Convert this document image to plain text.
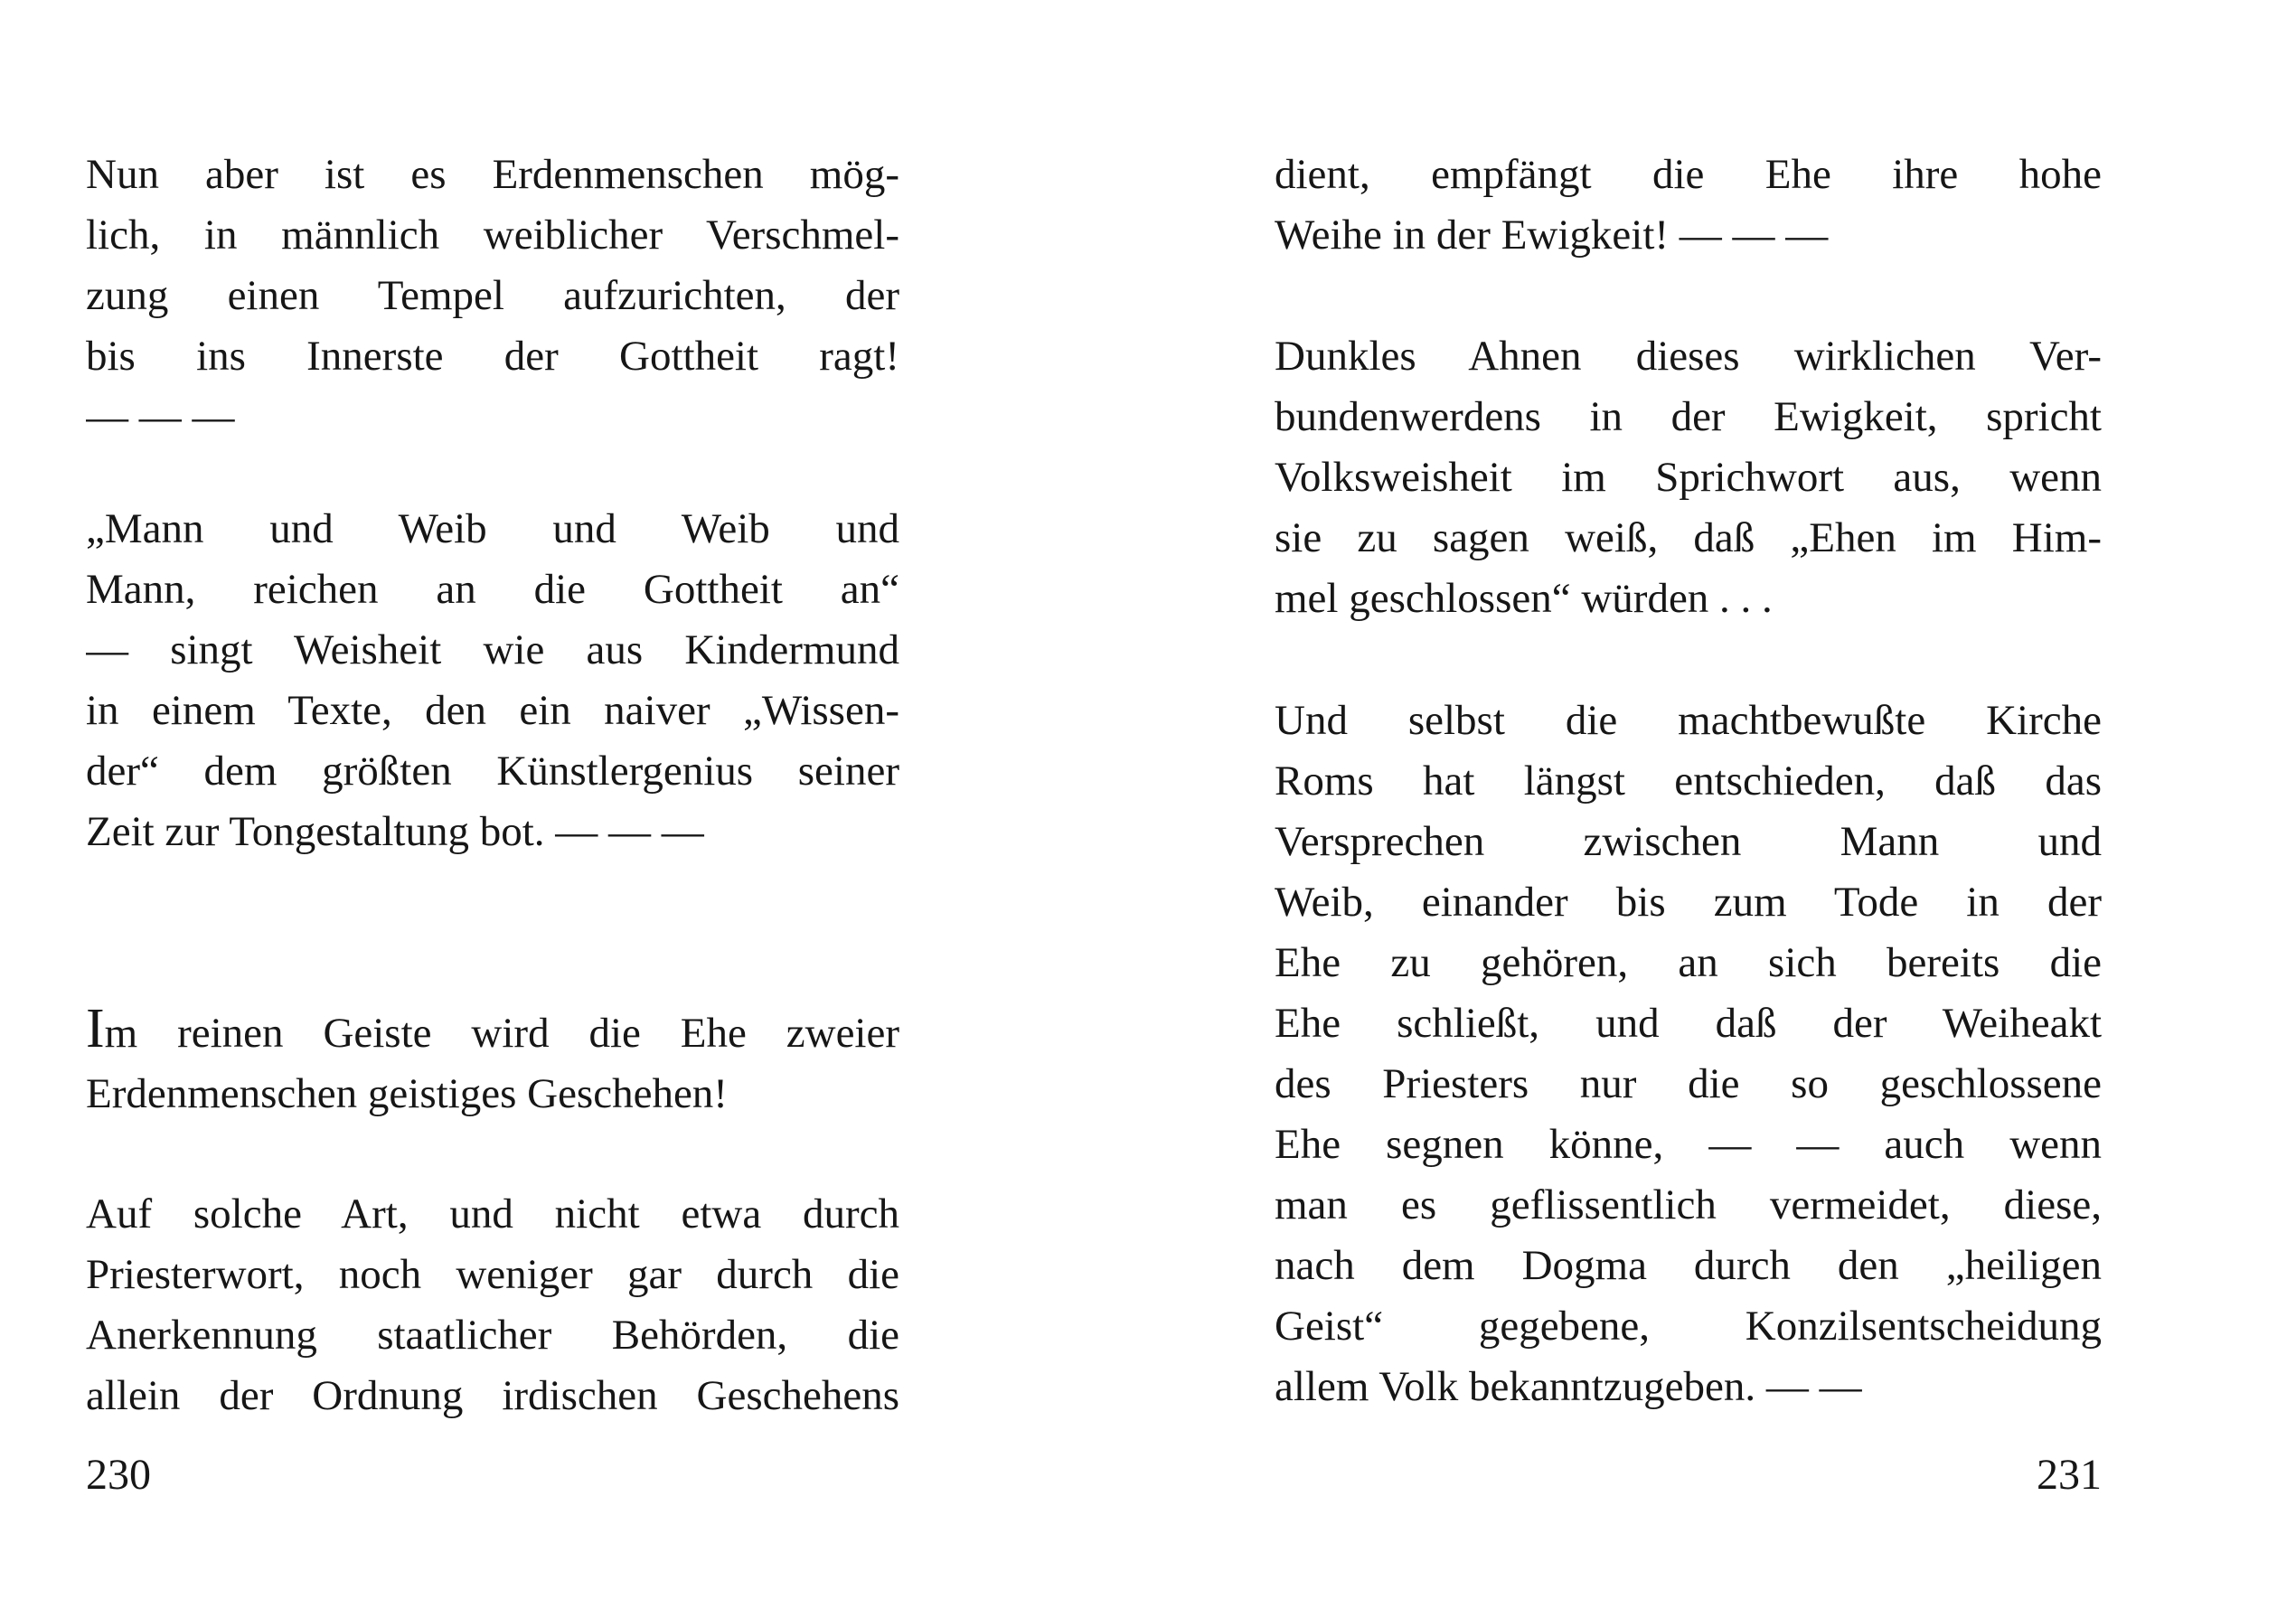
Nun aber ist es Erdenmenschen mög-
lich, in männlich weiblicher Verschmel-
zung einen Tempel aufzurichten, der
bis ins Innerste der Gottheit ragt!
— — —
„Mann und Weib und Weib und
Mann, reichen an die Gottheit an“
— singt Weisheit wie aus Kindermund
in einem Texte, den ein naiver „Wissen-
der“ dem größten Künstlergenius seiner
Zeit zur Tongestaltung bot. — — —
Im reinen Geiste wird die Ehe zweier
Erdenmenschen geistiges Geschehen!
Auf solche Art, und nicht etwa durch
Priesterwort, noch weniger gar durch die
Anerkennung staatlicher Behörden, die
allein der Ordnung irdischen Geschehens
230
dient, empfängt die Ehe ihre hohe
Weihe in der Ewigkeit! — — —
Dunkles Ahnen dieses wirklichen Ver-
bundenwerdens in der Ewigkeit, spricht
Volksweisheit im Sprichwort aus, wenn
sie zu sagen weiß, daß „Ehen im Him-
mel geschlossen“ würden . . .
Und selbst die machtbewußte Kirche
Roms hat längst entschieden, daß das
Versprechen zwischen Mann und
Weib, einander bis zum Tode in der
Ehe zu gehören, an sich bereits die
Ehe schließt, und daß der Weiheakt
des Priesters nur die so geschlossene
Ehe segnen könne, — — auch wenn
man es geflissentlich vermeidet, diese,
nach dem Dogma durch den „heiligen
Geist“ gegebene, Konzilsentscheidung
allem Volk bekanntzugeben. — —
231
